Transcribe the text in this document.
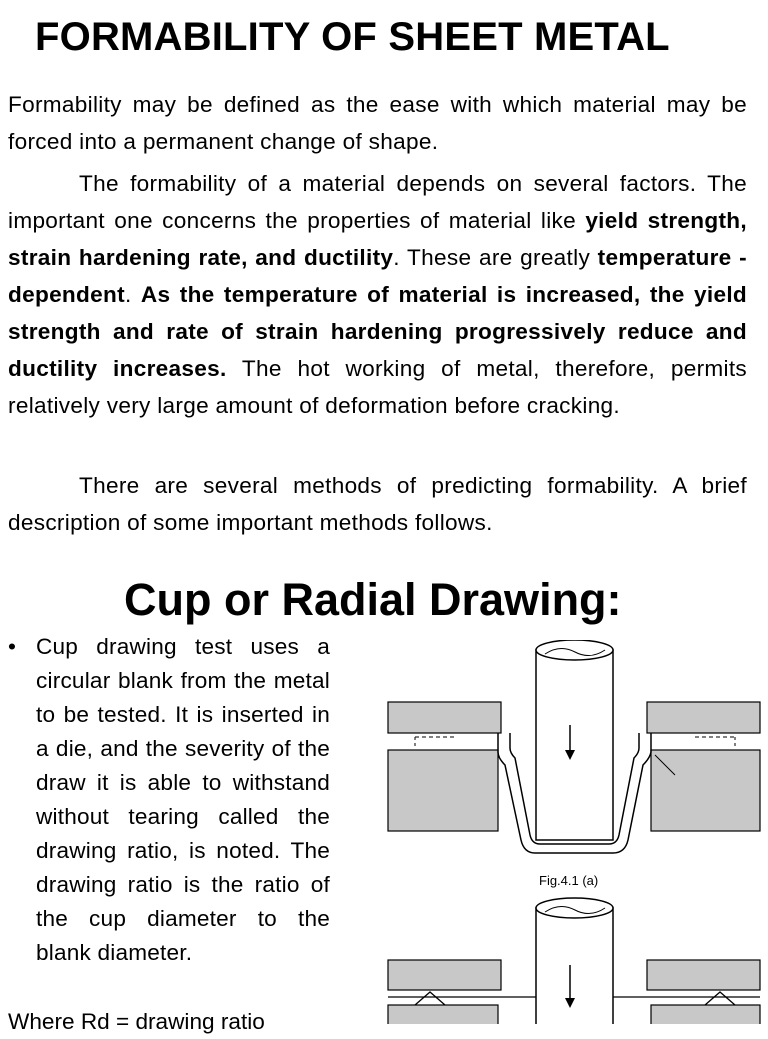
FORMABILITY OF SHEET METAL

Formability may be defined as the ease with which material may be forced into a permanent change of shape.

The formability of a material depends on several factors. The important one concerns the properties of material like yield strength, strain hardening rate, and ductility. These are greatly temperature - dependent. As the temperature of material is increased, the yield strength and rate of strain hardening progressively reduce and ductility increases. The hot working of metal, therefore, permits relatively very large amount of deformation before cracking.

There are several methods of predicting formability. A brief description of some important methods follows.

Cup or Radial Drawing:
• Cup drawing test uses a circular blank from the metal to be tested. It is inserted in a die, and the severity of the draw it is able to withstand without tearing called the drawing ratio, is noted. The drawing ratio is the ratio of the cup diameter to the blank diameter.
Where Rd = drawing ratio
Fig.4.1 (a)
